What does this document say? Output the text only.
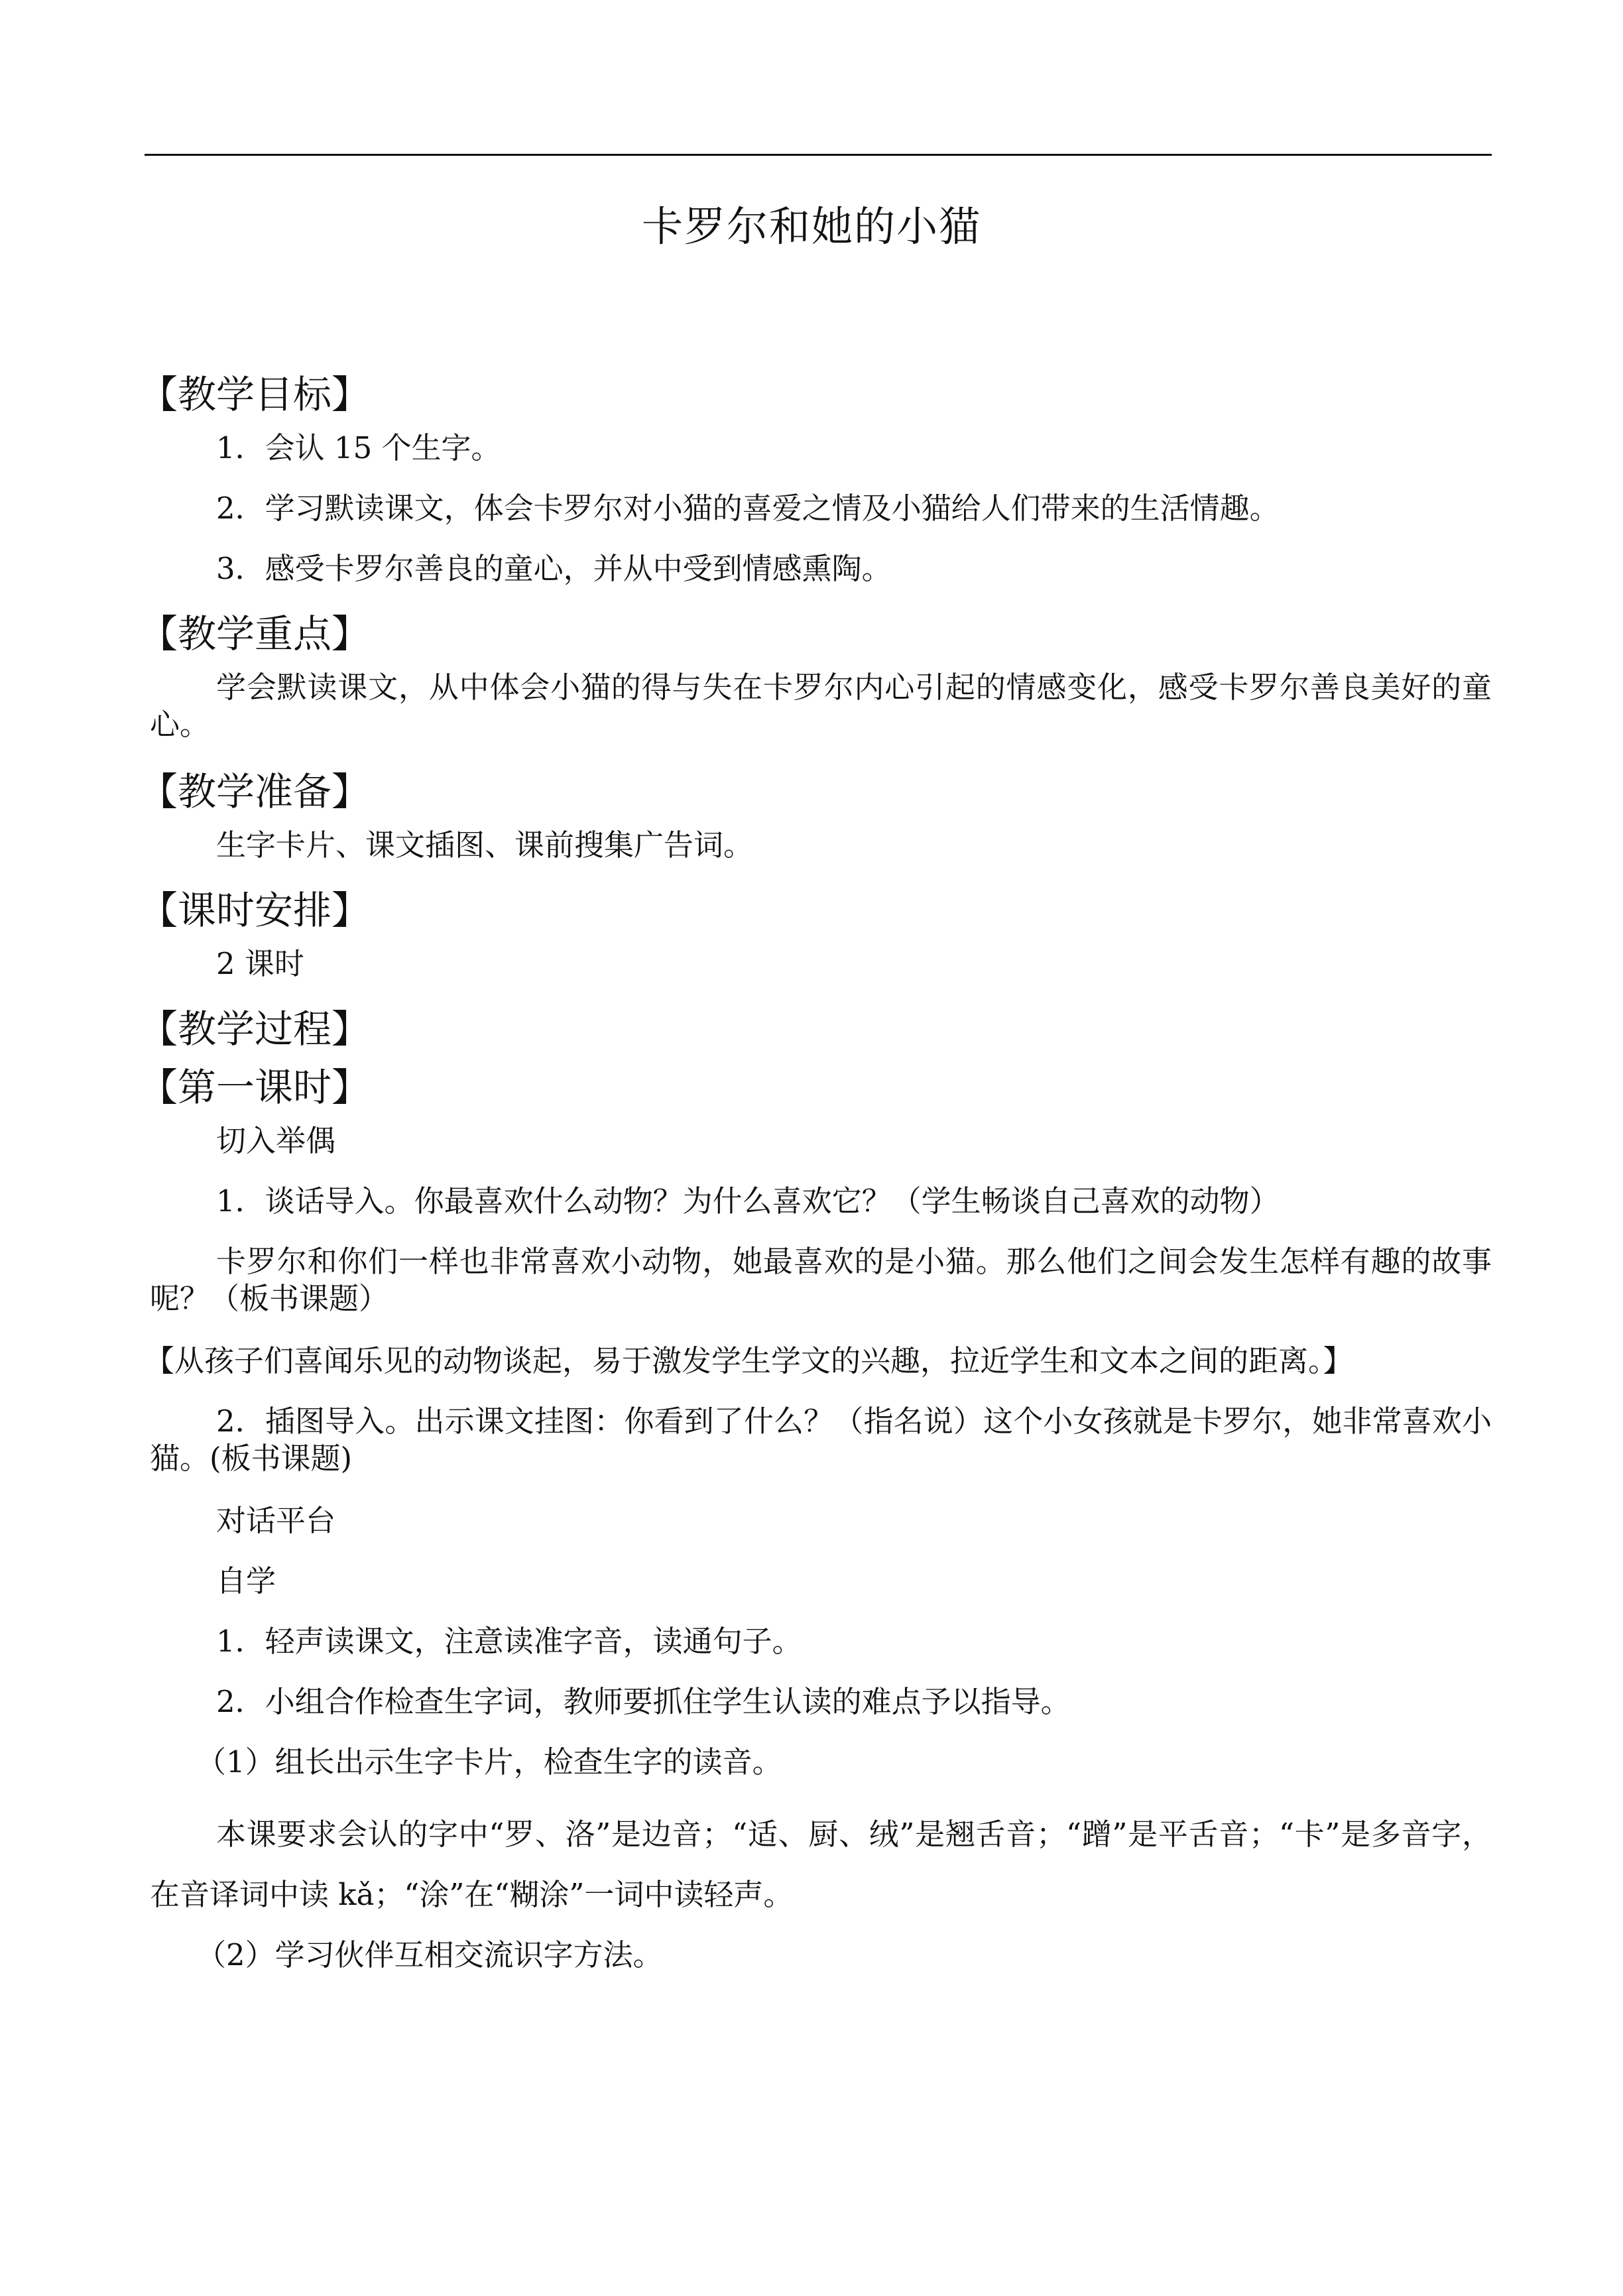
卡罗尔和她的小猫
【教学目标】
1．会认 15 个生字。
2．学习默读课文，体会卡罗尔对小猫的喜爱之情及小猫给人们带来的生活情趣。
3．感受卡罗尔善良的童心，并从中受到情感熏陶。
【教学重点】
学会默读课文，从中体会小猫的得与失在卡罗尔内心引起的情感变化，感受卡罗尔善良美好的童心。
【教学准备】
生字卡片、课文插图、课前搜集广告词。
【课时安排】
2 课时
【教学过程】
【第一课时】
切入举偶
1．谈话导入。你最喜欢什么动物？为什么喜欢它？（学生畅谈自己喜欢的动物）
卡罗尔和你们一样也非常喜欢小动物，她最喜欢的是小猫。那么他们之间会发生怎样有趣的故事呢？（板书课题）
【从孩子们喜闻乐见的动物谈起，易于激发学生学文的兴趣，拉近学生和文本之间的距离。】
2．插图导入。出示课文挂图：你看到了什么？（指名说）这个小女孩就是卡罗尔，她非常喜欢小猫。(板书课题)
对话平台
自学
1．轻声读课文，注意读准字音，读通句子。
2．小组合作检查生字词，教师要抓住学生认读的难点予以指导。
（1）组长出示生字卡片，检查生字的读音。
本课要求会认的字中“罗、洛”是边音；“适、厨、绒”是翘舌音；“蹭”是平舌音；“卡”是多音字，在音译词中读 kǎ；“涂”在“糊涂”一词中读轻声。
（2）学习伙伴互相交流识字方法。
